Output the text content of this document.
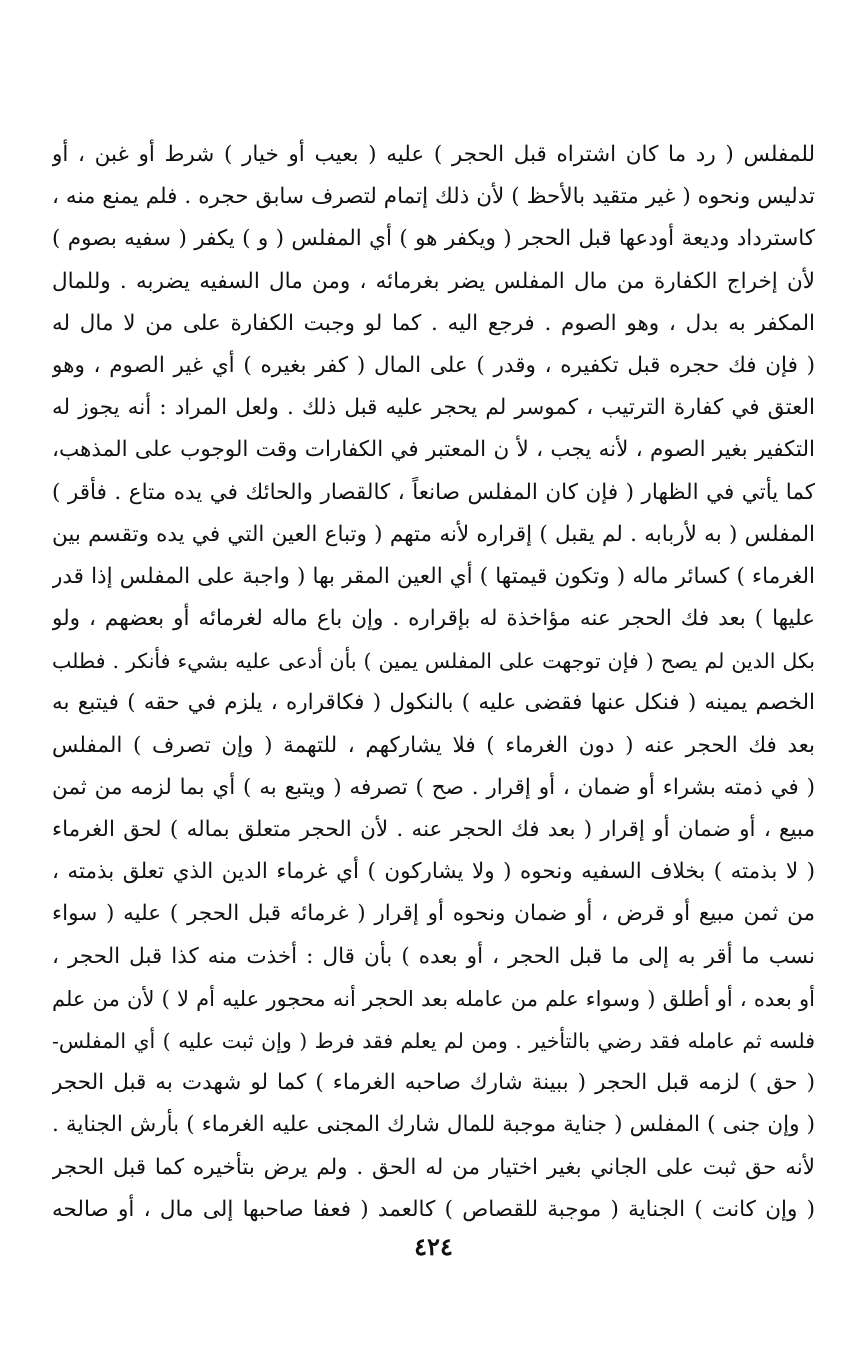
للمفلس ( رد ما كان اشتراه قبل الحجر ) عليه ( بعيب أو خيار ) شرط أو غبن ، أو
تدليس ونحوه ( غير متقيد بالأحظ ) لأن ذلك إتمام لتصرف سابق حجره . فلم يمنع منه ،
كاسترداد وديعة أودعها قبل الحجر ( ويكفر هو ) أي المفلس ( و ) يكفر ( سفيه بصوم )
لأن إخراج الكفارة من مال المفلس يضر بغرمائه ، ومن مال السفيه يضربه . وللمال
المكفر به بدل ، وهو الصوم . فرجع اليه . كما لو وجبت الكفارة على من لا مال له
( فإن فك حجره قبل تكفيره ، وقدر ) على المال ( كفر بغيره ) أي غير الصوم ، وهو
العتق في كفارة الترتيب ، كموسر لم يحجر عليه قبل ذلك . ولعل المراد : أنه يجوز له
التكفير بغير الصوم ، لأنه يجب ، لأ ن المعتبر في الكفارات وقت الوجوب على المذهب،
كما يأتي في الظهار ( فإن كان المفلس صانعاً ، كالقصار والحائك في يده متاع . فأقر )
المفلس ( به لأربابه . لم يقبل ) إقراره لأنه متهم ( وتباع العين التي في يده وتقسم بين
الغرماء ) كسائر ماله ( وتكون قيمتها ) أي العين المقر بها ( واجبة على المفلس إذا قدر
عليها ) بعد فك الحجر عنه مؤاخذة له بإقراره . وإن باع ماله لغرمائه أو بعضهم ، ولو
بكل الدين لم يصح ( فإن توجهت على المفلس يمين ) بأن أدعى عليه بشيء فأنكر . فطلب
الخصم يمينه ( فنكل عنها فقضى عليه ) بالنكول ( فكاقراره ، يلزم في حقه ) فيتبع به
بعد فك الحجر عنه ( دون الغرماء ) فلا يشاركهم ، للتهمة ( وإن تصرف ) المفلس
( في ذمته بشراء أو ضمان ، أو إقرار . صح ) تصرفه ( ويتبع به ) أي بما لزمه من ثمن
مبيع ، أو ضمان أو إقرار ( بعد فك الحجر عنه . لأن الحجر متعلق بماله ) لحق الغرماء
( لا بذمته ) بخلاف السفيه ونحوه ( ولا يشاركون ) أي غرماء الدين الذي تعلق بذمته ،
من ثمن مبيع أو قرض ، أو ضمان ونحوه أو إقرار ( غرمائه قبل الحجر ) عليه ( سواء
نسب ما أقر به إلى ما قبل الحجر ، أو بعده ) بأن قال : أخذت منه كذا قبل الحجر ،
أو بعده ، أو أطلق ( وسواء علم من عامله بعد الحجر أنه محجور عليه أم لا ) لأن من علم
فلسه ثم عامله فقد رضي بالتأخير . ومن لم يعلم فقد فرط ( وإن ثبت عليه ) أي المفلس-
( حق ) لزمه قبل الحجر ( ببينة شارك صاحبه الغرماء ) كما لو شهدت به قبل الحجر
( وإن جنى ) المفلس ( جناية موجبة للمال شارك المجنى عليه الغرماء ) بأرش الجناية .
لأنه حق ثبت على الجاني بغير اختيار من له الحق . ولم يرض بتأخيره كما قبل الحجر
( وإن كانت ) الجناية ( موجبة للقصاص ) كالعمد ( فعفا صاحبها إلى مال ، أو صالحه
٤٢٤
